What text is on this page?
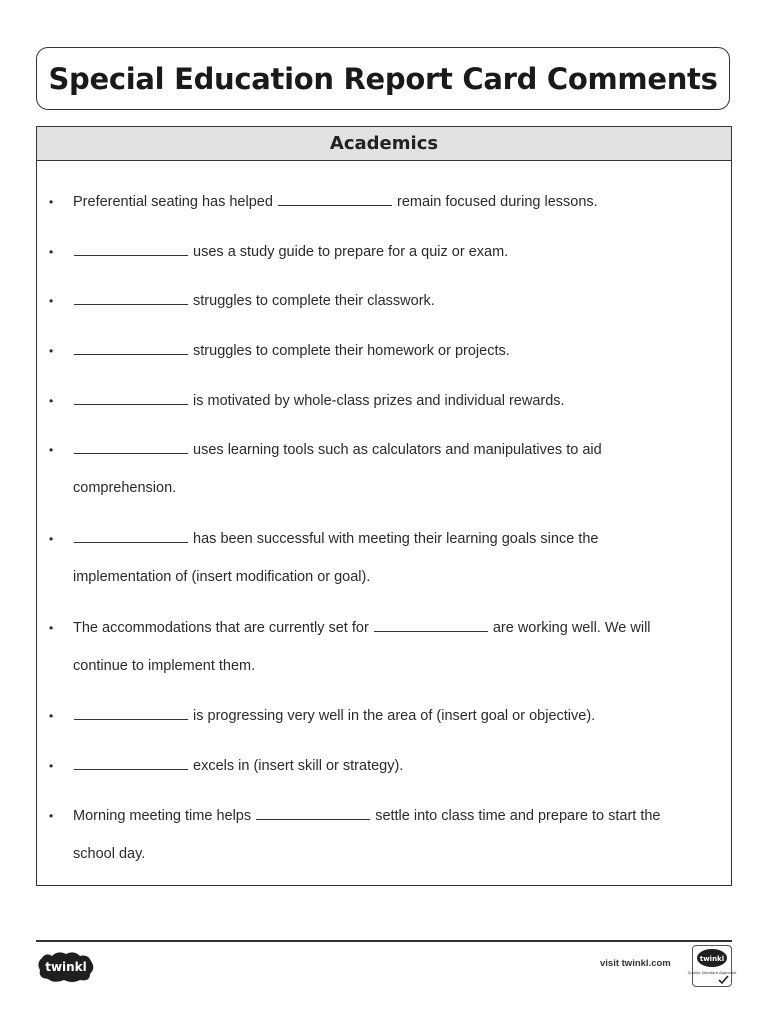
Special Education Report Card Comments
Academics
• Preferential seating has helped	remain focused during lessons.
•	uses a study guide to prepare for a quiz or exam.
•	struggles to complete their classwork.
•	struggles to complete their homework or projects.
•	is motivated by whole-class prizes and individual rewards.
•	uses learning tools such as calculators and manipulatives to aid
comprehension.
•	has been successful with meeting their learning goals since the
implementation of (insert modification or goal).
• The accommodations that are currently set for	are working well. We will
continue to implement them.
•	is progressing very well in the area of (insert goal or objective).
•	excels in (insert skill or strategy).
• Morning meeting time helps	settle into class time and prepare to start the
school day.
twinkl	visit twinkl.com	twinkl
Quality Standard Approved
